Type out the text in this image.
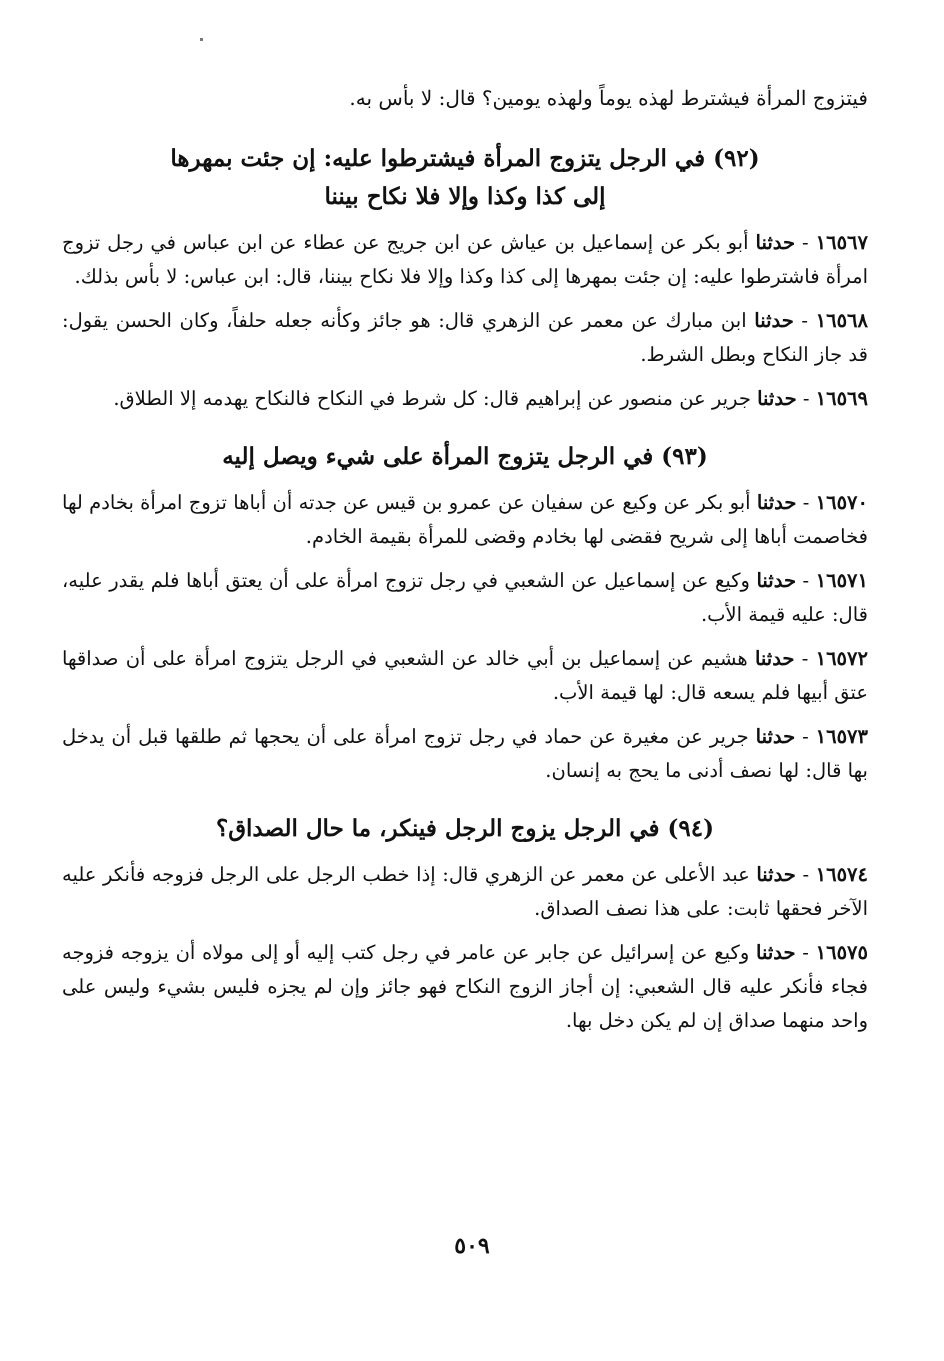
فيتزوج المرأة فيشترط لهذه يوماً ولهذه يومين؟ قال: لا بأس به.
(٩٢) في الرجل يتزوج المرأة فيشترطوا عليه: إن جئت بمهرها
إلى كذا وكذا وإلا فلا نكاح بيننا
١٦٥٦٧ - حدثنا أبو بكر عن إسماعيل بن عياش عن ابن جريج عن عطاء عن ابن عباس في رجل تزوج امرأة فاشترطوا عليه: إن جئت بمهرها إلى كذا وكذا وإلا فلا نكاح بيننا، قال: ابن عباس: لا بأس بذلك.
١٦٥٦٨ - حدثنا ابن مبارك عن معمر عن الزهري قال: هو جائز وكأنه جعله حلفاً، وكان الحسن يقول: قد جاز النكاح وبطل الشرط.
١٦٥٦٩ - حدثنا جرير عن منصور عن إبراهيم قال: كل شرط في النكاح فالنكاح يهدمه إلا الطلاق.
(٩٣) في الرجل يتزوج المرأة على شيء ويصل إليه
١٦٥٧٠ - حدثنا أبو بكر عن وكيع عن سفيان عن عمرو بن قيس عن جدته أن أباها تزوج امرأة بخادم لها فخاصمت أباها إلى شريح فقضى لها بخادم وقضى للمرأة بقيمة الخادم.
١٦٥٧١ - حدثنا وكيع عن إسماعيل عن الشعبي في رجل تزوج امرأة على أن يعتق أباها فلم يقدر عليه، قال: عليه قيمة الأب.
١٦٥٧٢ - حدثنا هشيم عن إسماعيل بن أبي خالد عن الشعبي في الرجل يتزوج امرأة على أن صداقها عتق أبيها فلم يسعه قال: لها قيمة الأب.
١٦٥٧٣ - حدثنا جرير عن مغيرة عن حماد في رجل تزوج امرأة على أن يحجها ثم طلقها قبل أن يدخل بها قال: لها نصف أدنى ما يحج به إنسان.
(٩٤) في الرجل يزوج الرجل فينكر، ما حال الصداق؟
١٦٥٧٤ - حدثنا عبد الأعلى عن معمر عن الزهري قال: إذا خطب الرجل على الرجل فزوجه فأنكر عليه الآخر فحقها ثابت: على هذا نصف الصداق.
١٦٥٧٥ - حدثنا وكيع عن إسرائيل عن جابر عن عامر في رجل كتب إليه أو إلى مولاه أن يزوجه فزوجه فجاء فأنكر عليه قال الشعبي: إن أجاز الزوج النكاح فهو جائز وإن لم يجزه فليس بشيء وليس على واحد منهما صداق إن لم يكن دخل بها.
٥٠٩
